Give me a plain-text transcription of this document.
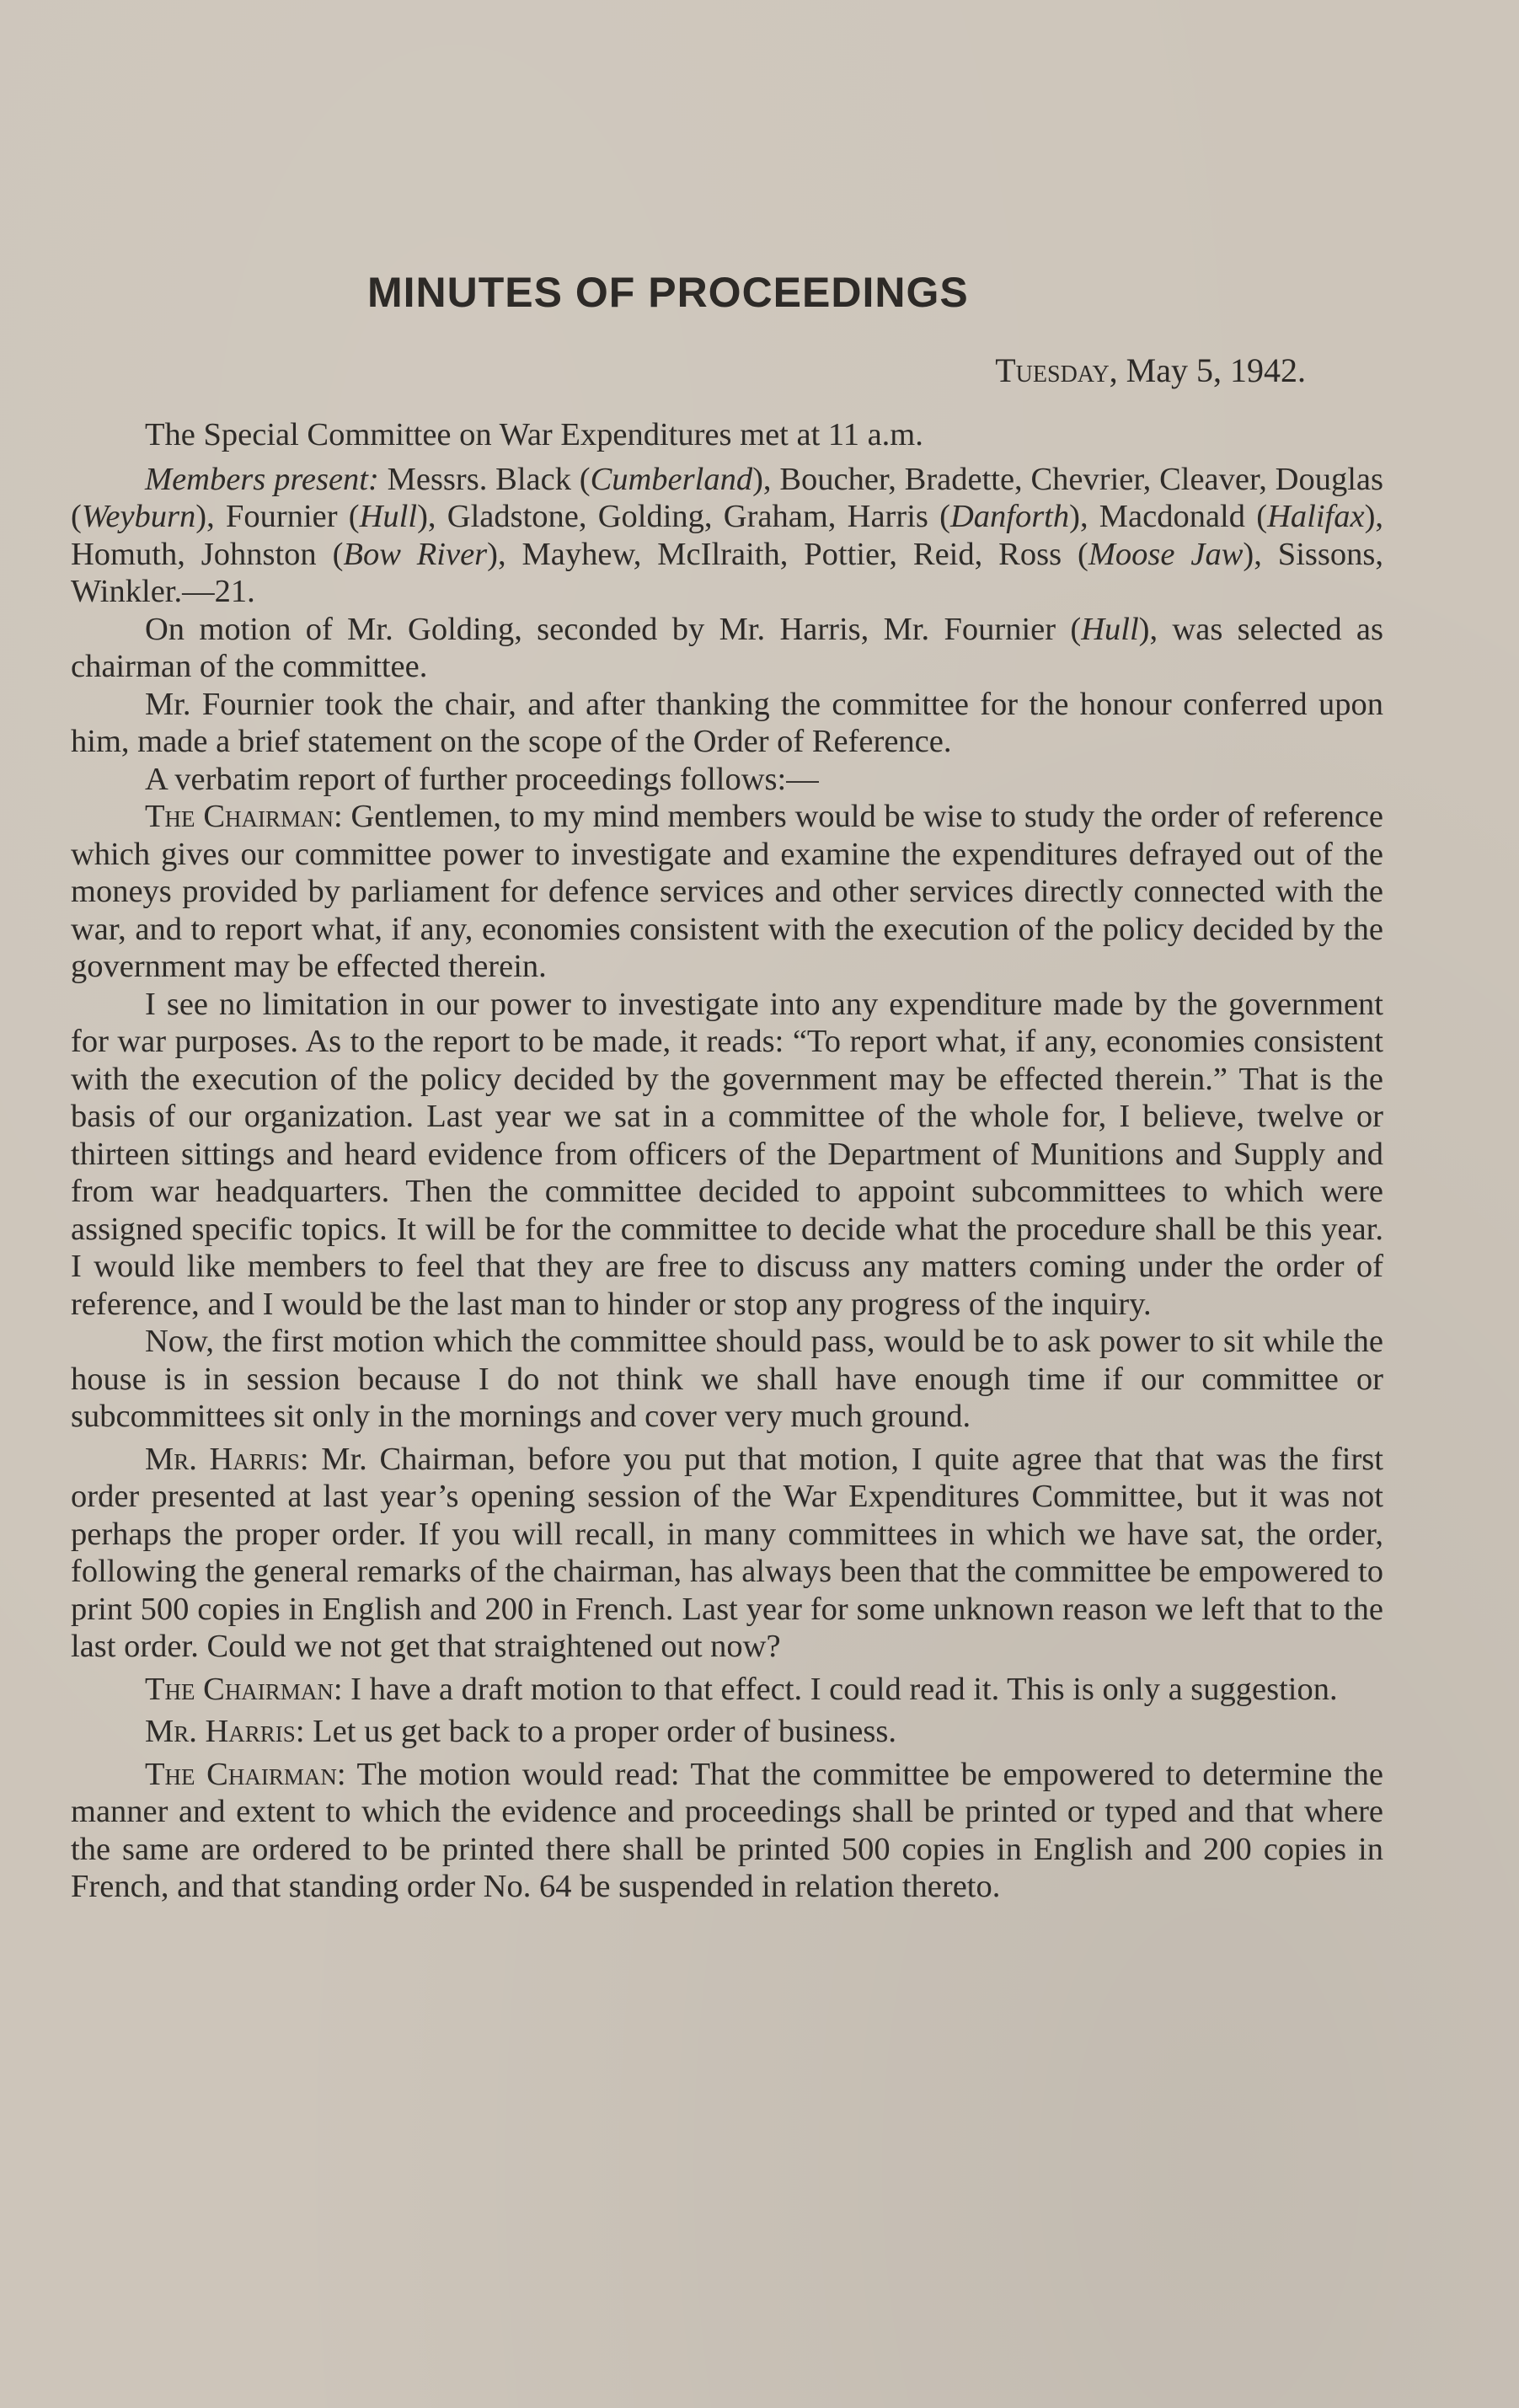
MINUTES OF PROCEEDINGS

Tuesday, May 5, 1942.

The Special Committee on War Expenditures met at 11 a.m.

Members present: Messrs. Black (Cumberland), Boucher, Bradette, Chevrier, Cleaver, Douglas (Weyburn), Fournier (Hull), Gladstone, Golding, Graham, Harris (Danforth), Macdonald (Halifax), Homuth, Johnston (Bow River), Mayhew, McIlraith, Pottier, Reid, Ross (Moose Jaw), Sissons, Winkler.—21.

On motion of Mr. Golding, seconded by Mr. Harris, Mr. Fournier (Hull), was selected as chairman of the committee.

Mr. Fournier took the chair, and after thanking the committee for the honour conferred upon him, made a brief statement on the scope of the Order of Reference.

A verbatim report of further proceedings follows:—

The Chairman: Gentlemen, to my mind members would be wise to study the order of reference which gives our committee power to investigate and examine the expenditures defrayed out of the moneys provided by parliament for defence services and other services directly connected with the war, and to report what, if any, economies consistent with the execution of the policy decided by the government may be effected therein.

I see no limitation in our power to investigate into any expenditure made by the government for war purposes. As to the report to be made, it reads: “To report what, if any, economies consistent with the execution of the policy decided by the government may be effected therein.” That is the basis of our organization. Last year we sat in a committee of the whole for, I believe, twelve or thirteen sittings and heard evidence from officers of the Department of Munitions and Supply and from war headquarters. Then the committee decided to appoint subcommittees to which were assigned specific topics. It will be for the committee to decide what the procedure shall be this year. I would like members to feel that they are free to discuss any matters coming under the order of reference, and I would be the last man to hinder or stop any progress of the inquiry.

Now, the first motion which the committee should pass, would be to ask power to sit while the house is in session because I do not think we shall have enough time if our committee or subcommittees sit only in the mornings and cover very much ground.

Mr. Harris: Mr. Chairman, before you put that motion, I quite agree that that was the first order presented at last year’s opening session of the War Expenditures Committee, but it was not perhaps the proper order. If you will recall, in many committees in which we have sat, the order, following the general remarks of the chairman, has always been that the committee be empowered to print 500 copies in English and 200 in French. Last year for some unknown reason we left that to the last order. Could we not get that straightened out now?

The Chairman: I have a draft motion to that effect. I could read it. This is only a suggestion.

Mr. Harris: Let us get back to a proper order of business.

The Chairman: The motion would read: That the committee be empowered to determine the manner and extent to which the evidence and proceedings shall be printed or typed and that where the same are ordered to be printed there shall be printed 500 copies in English and 200 copies in French, and that standing order No. 64 be suspended in relation thereto.
